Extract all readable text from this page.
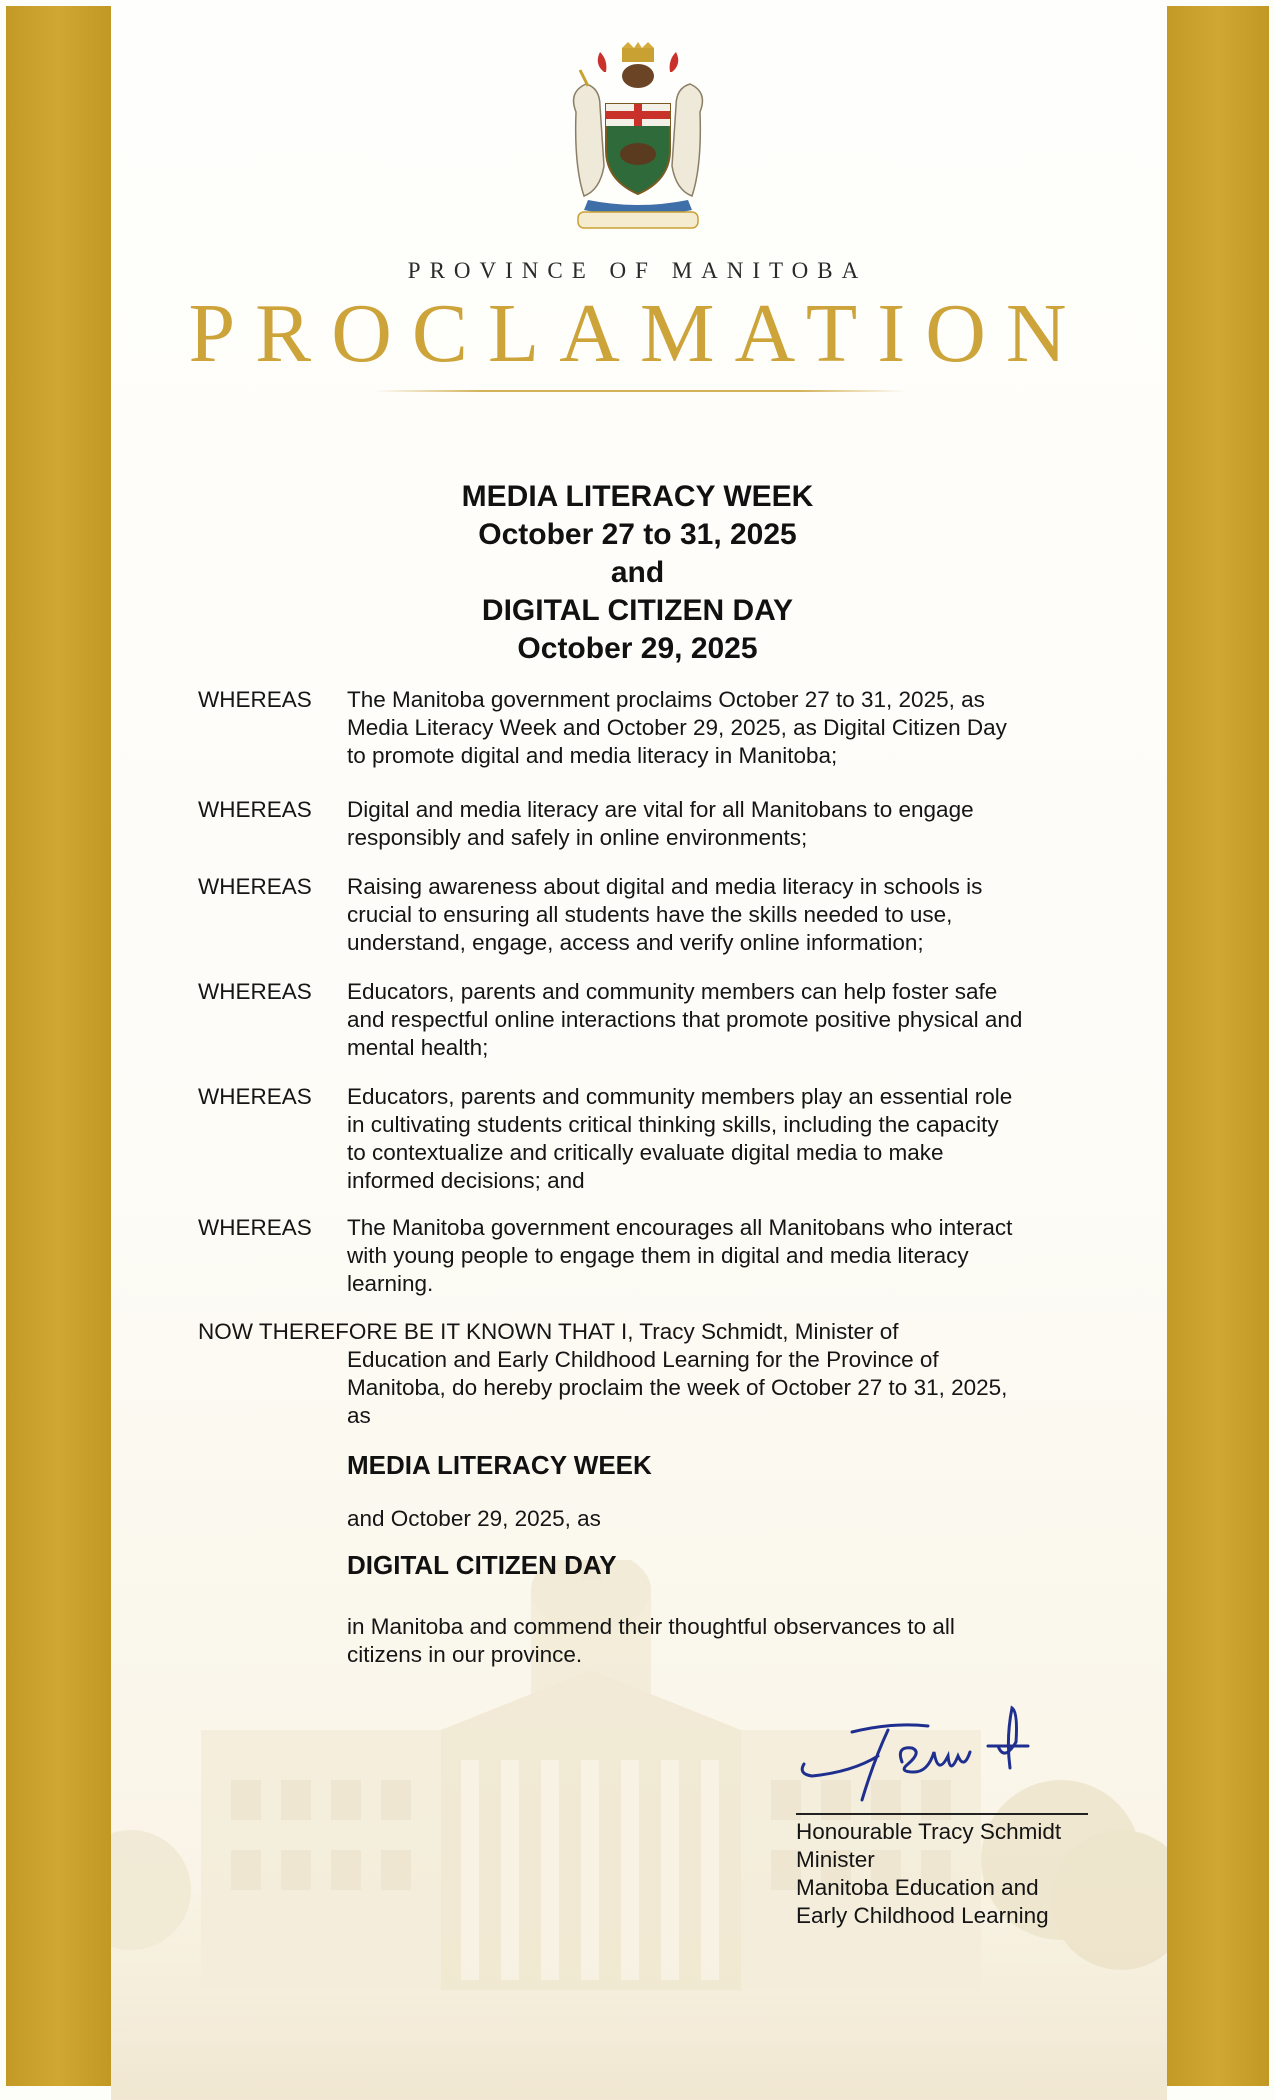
PROVINCE OF MANITOBA
PROCLAMATION
MEDIA LITERACY WEEK
October 27 to 31, 2025
and
DIGITAL CITIZEN DAY
October 29, 2025
WHEREAS The Manitoba government proclaims October 27 to 31, 2025, as
Media Literacy Week and October 29, 2025, as Digital Citizen Day
to promote digital and media literacy in Manitoba;
WHEREAS Digital and media literacy are vital for all Manitobans to engage
responsibly and safely in online environments;
WHEREAS Raising awareness about digital and media literacy in schools is
crucial to ensuring all students have the skills needed to use,
understand, engage, access and verify online information;
WHEREAS Educators, parents and community members can help foster safe
and respectful online interactions that promote positive physical and
mental health;
WHEREAS Educators, parents and community members play an essential role
in cultivating students critical thinking skills, including the capacity
to contextualize and critically evaluate digital media to make
informed decisions; and
WHEREAS The Manitoba government encourages all Manitobans who interact
with young people to engage them in digital and media literacy
learning.
NOW THEREFORE BE IT KNOWN THAT I, Tracy Schmidt, Minister of
Education and Early Childhood Learning for the Province of
Manitoba, do hereby proclaim the week of October 27 to 31, 2025,
as
MEDIA LITERACY WEEK
and October 29, 2025, as
DIGITAL CITIZEN DAY
in Manitoba and commend their thoughtful observances to all
citizens in our province.
Honourable Tracy Schmidt
Minister
Manitoba Education and
Early Childhood Learning
